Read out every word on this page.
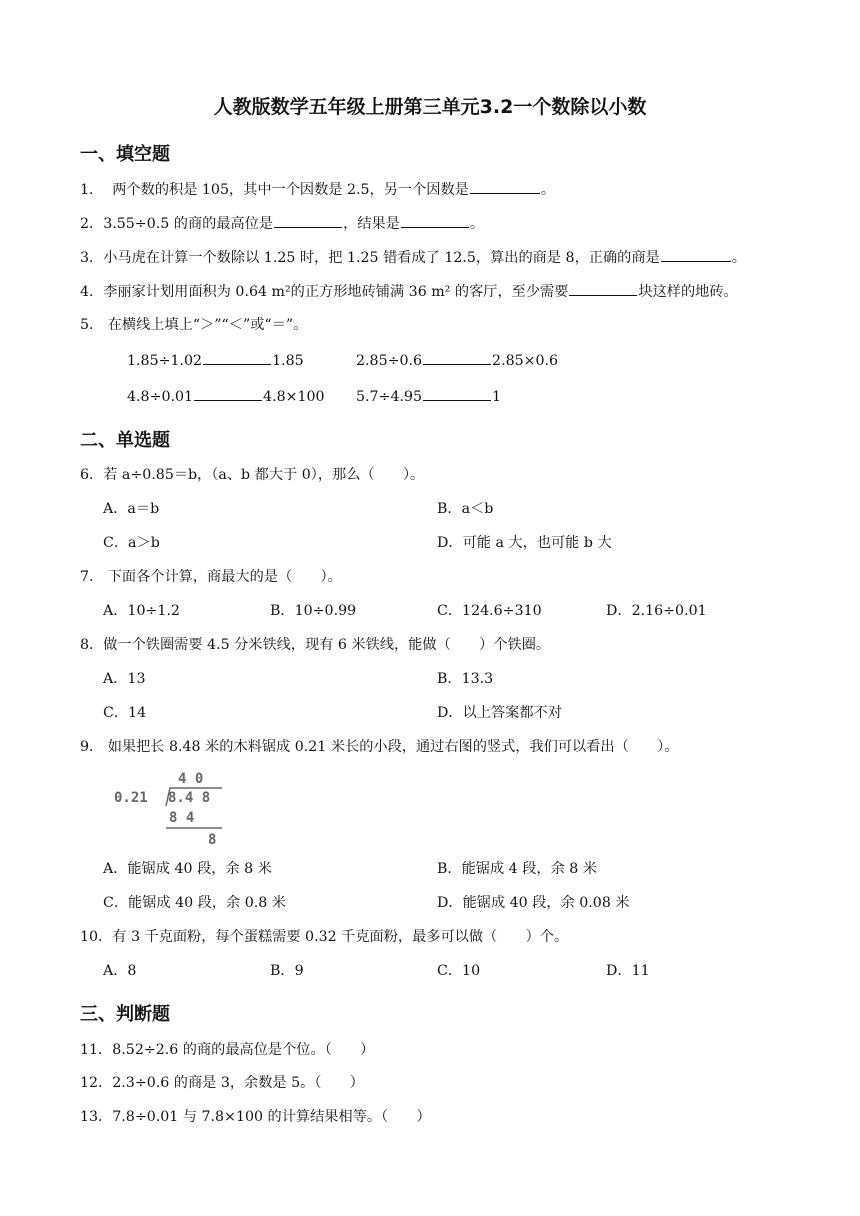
人教版数学五年级上册第三单元3.2一个数除以小数
一、填空题
1． 两个数的积是 105，其中一个因数是 2.5，另一个因数是	。
2．3.55÷0.5 的商的最高位是	，结果是	。
3．小马虎在计算一个数除以 1.25 时，把 1.25 错看成了 12.5，算出的商是 8，正确的商是	。
4．李丽家计划用面积为 0.64 m²的正方形地砖铺满 36 m² 的客厅，至少需要	块这样的地砖。
5． 在横线上填上“＞”“＜”或“＝”。
1.85÷1.02	1.85	2.85÷0.6	2.85×0.6
4.8÷0.01	4.8×100 5.7÷4.95	1
二、单选题
6．若 a÷0.85＝b，（a、b 都大于 0），那么（　　）。
A．a＝b	B．a＜b
C．a＞b	D．可能 a 大，也可能 b 大
7． 下面各个计算，商最大的是（　　）。
A．10÷1.2	B．10÷0.99	C．124.6÷310	D．2.16÷0.01
8．做一个铁圈需要 4.5 分米铁线，现有 6 米铁线，能做（　　）个铁圈。
A．13	B．13.3
C．14	D．以上答案都不对
9． 如果把长 8.48 米的木料锯成 0.21 米长的小段，通过右图的竖式，我们可以看出（　　）。
4 0
0.21 8.4 8
8 4
8
A．能锯成 40 段，余 8 米	B．能锯成 4 段，余 8 米
C．能锯成 40 段，余 0.8 米	D．能锯成 40 段，余 0.08 米
10．有 3 千克面粉，每个蛋糕需要 0.32 千克面粉，最多可以做（　　）个。
A．8	B．9	C．10	D．11
三、判断题
11．8.52÷2.6 的商的最高位是个位。（　　）
12．2.3÷0.6 的商是 3，余数是 5。（　　）
13．7.8÷0.01 与 7.8×100 的计算结果相等。（　　）
